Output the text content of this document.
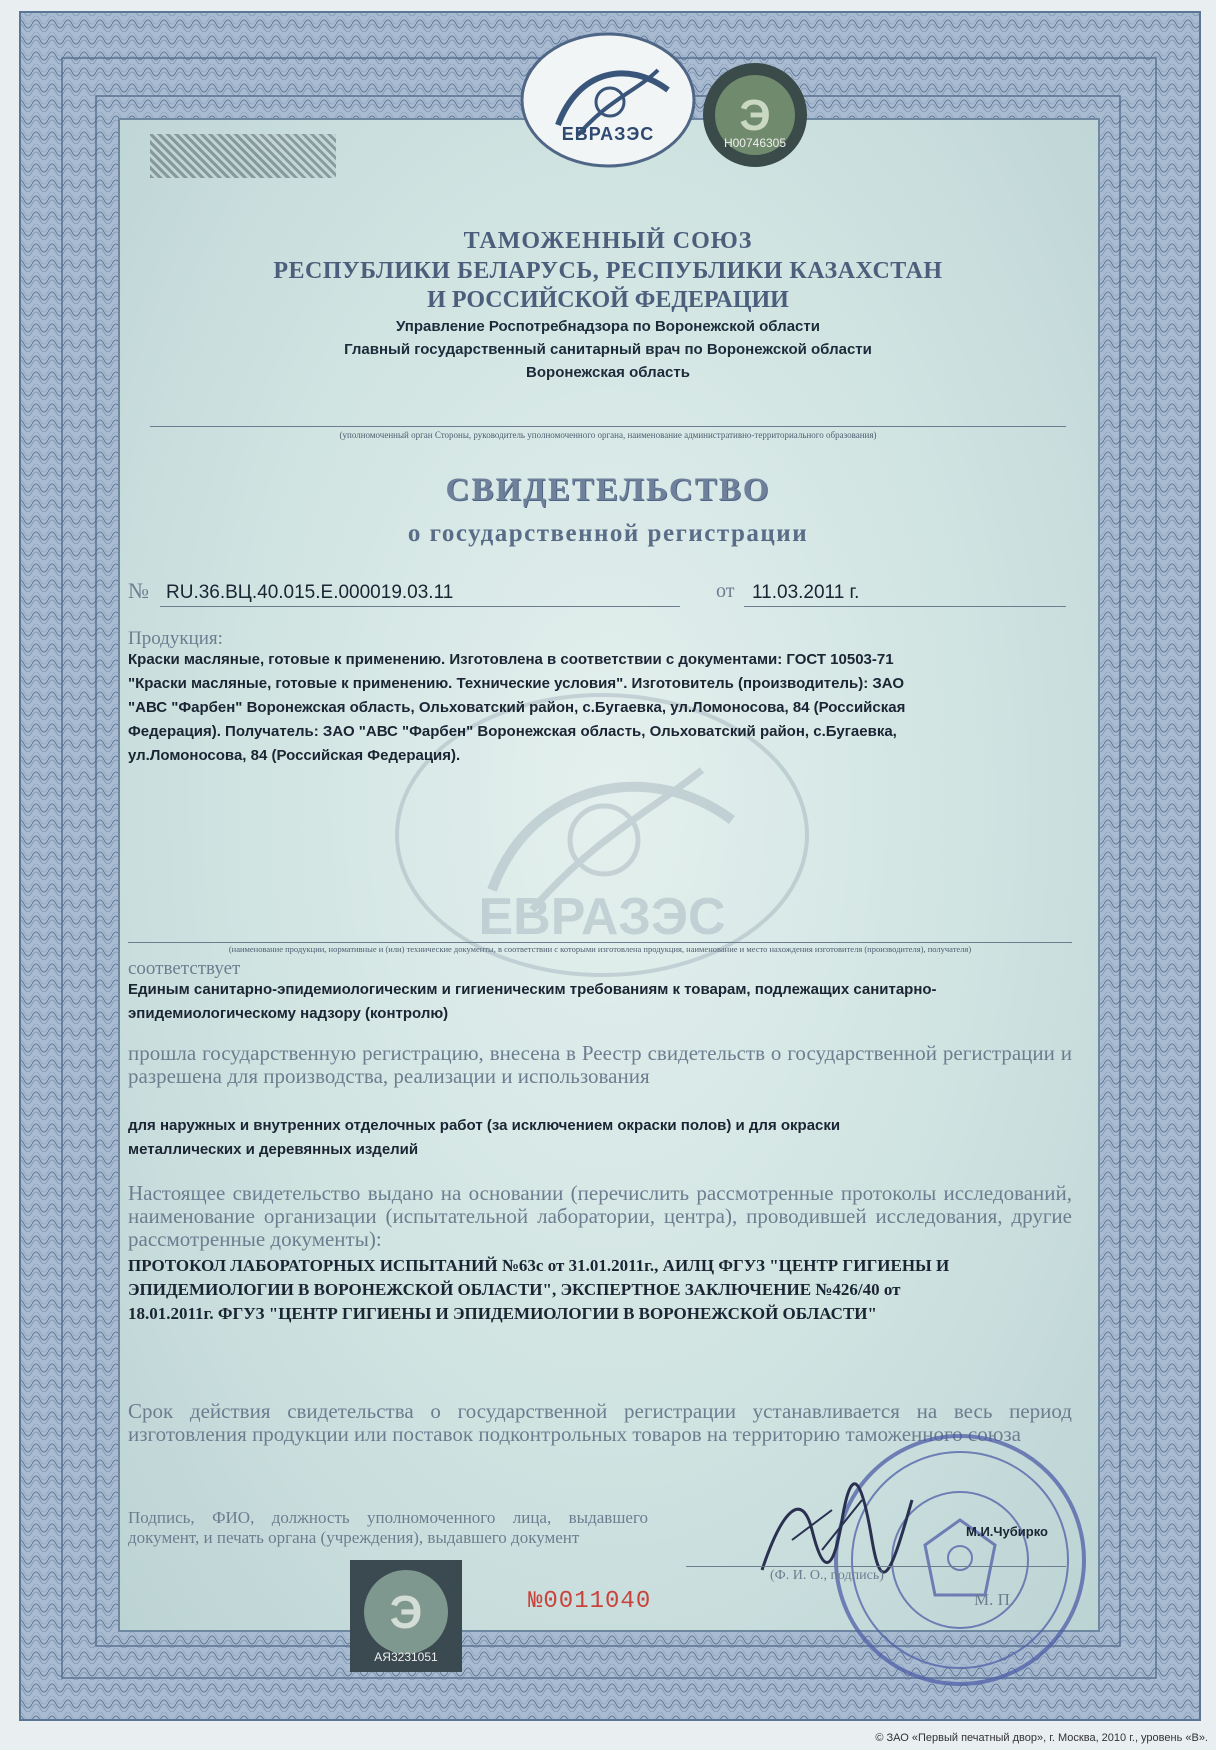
ЕВРАЗЭС	Э
Н00746305
ТАМОЖЕННЫЙ СОЮЗ
РЕСПУБЛИКИ БЕЛАРУСЬ, РЕСПУБЛИКИ КАЗАХСТАН
И РОССИЙСКОЙ ФЕДЕРАЦИИ
Управление Роспотребнадзора по Воронежской области
Главный государственный санитарный врач по Воронежской области
Воронежская область
(уполномоченный орган Стороны, руководитель уполномоченного органа, наименование административно-территориального образования)
СВИДЕТЕЛЬСТВО
о государственной регистрации
№ RU.36.ВЦ.40.015.Е.000019.03.11	от 11.03.2011 г.
ЕВРАЗЭС
Продукция:
Краски масляные, готовые к применению. Изготовлена в соответствии с документами: ГОСТ 10503-71
"Краски масляные, готовые к применению. Технические условия". Изготовитель (производитель): ЗАО
"АВС "Фарбен" Воронежская область, Ольховатский район, с.Бугаевка, ул.Ломоносова, 84 (Российская
Федерация). Получатель: ЗАО "АВС "Фарбен" Воронежская область, Ольховатский район, с.Бугаевка,
ул.Ломоносова, 84 (Российская Федерация).
(наименование продукции, нормативные и (или) технические документы, в соответствии с которыми изготовлена продукция, наименование и место нахождения изготовителя (производителя), получателя)
соответствует
Единым санитарно-эпидемиологическим и гигиеническим требованиям к товарам, подлежащих санитарно-
эпидемиологическому надзору (контролю)
прошла государственную регистрацию, внесена в Реестр свидетельств о государственной регистрации и разрешена для производства, реализации и использования
для наружных и внутренних отделочных работ (за исключением окраски полов) и для окраски
металлических и деревянных изделий
Настоящее свидетельство выдано на основании (перечислить рассмотренные протоколы исследований, наименование организации (испытательной лаборатории, центра), проводившей исследования, другие рассмотренные документы):
ПРОТОКОЛ ЛАБОРАТОРНЫХ ИСПЫТАНИЙ №63с от 31.01.2011г., АИЛЦ ФГУЗ "ЦЕНТР ГИГИЕНЫ И
ЭПИДЕМИОЛОГИИ В ВОРОНЕЖСКОЙ ОБЛАСТИ", ЭКСПЕРТНОЕ ЗАКЛЮЧЕНИЕ №426/40 от
18.01.2011г. ФГУЗ "ЦЕНТР ГИГИЕНЫ И ЭПИДЕМИОЛОГИИ В ВОРОНЕЖСКОЙ ОБЛАСТИ"
Срок действия свидетельства о государственной регистрации устанавливается на весь период изготовления продукции или поставок подконтрольных товаров на территорию таможенного союза
Подпись, ФИО, должность уполномоченного лица, выдавшего документ, и печать органа (учреждения), выдавшего документ	М.И.Чубирко
(Ф. И. О., подпись)
М. П.
Э
АЯ3231051
№0011040
© ЗАО «Первый печатный двор», г. Москва, 2010 г., уровень «В».
